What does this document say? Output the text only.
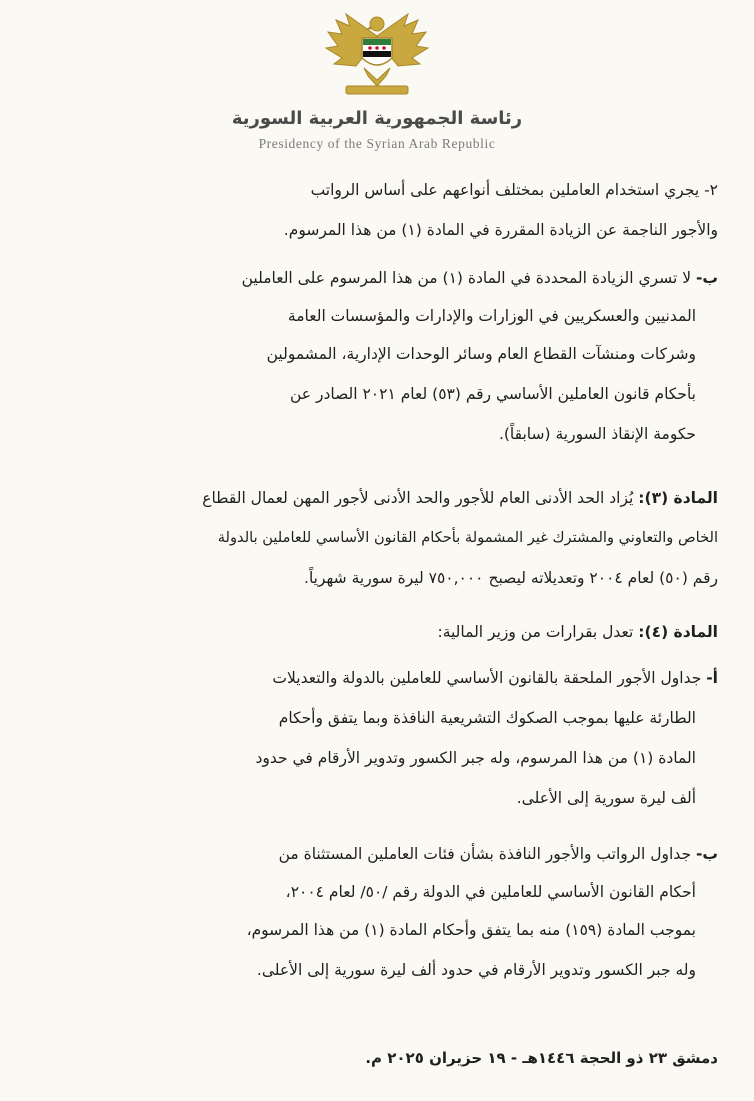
رئاسة الجمهورية العربية السورية
Presidency of the Syrian Arab Republic
٢- يجري استخدام العاملين بمختلف أنواعهم على أساس الرواتب
والأجور الناجمة عن الزيادة المقررة في المادة (١) من هذا المرسوم.
ب- لا تسري الزيادة المحددة في المادة (١) من هذا المرسوم على العاملين
المدنيين والعسكريين في الوزارات والإدارات والمؤسسات العامة
وشركات ومنشآت القطاع العام وسائر الوحدات الإدارية، المشمولين
بأحكام قانون العاملين الأساسي رقم (٥٣) لعام ٢٠٢١ الصادر عن
حكومة الإنقاذ السورية (سابقاً).
المادة (٣): يُزاد الحد الأدنى العام للأجور والحد الأدنى لأجور المهن لعمال القطاع
الخاص والتعاوني والمشترك غير المشمولة بأحكام القانون الأساسي للعاملين بالدولة
رقم (٥٠) لعام ٢٠٠٤ وتعديلاته ليصبح ٧٥٠,٠٠٠ ليرة سورية شهرياً.
المادة (٤): تعدل بقرارات من وزير المالية:
أ- جداول الأجور الملحقة بالقانون الأساسي للعاملين بالدولة والتعديلات
الطارئة عليها بموجب الصكوك التشريعية النافذة وبما يتفق وأحكام
المادة (١) من هذا المرسوم، وله جبر الكسور وتدوير الأرقام في حدود
ألف ليرة سورية إلى الأعلى.
ب- جداول الرواتب والأجور النافذة بشأن فئات العاملين المستثناة من
أحكام القانون الأساسي للعاملين في الدولة رقم /٥٠/ لعام ٢٠٠٤،
بموجب المادة (١٥٩) منه بما يتفق وأحكام المادة (١) من هذا المرسوم،
وله جبر الكسور وتدوير الأرقام في حدود ألف ليرة سورية إلى الأعلى.
دمشق ٢٣ ذو الحجة ١٤٤٦هـ - ١٩ حزيران ٢٠٢٥ م.
